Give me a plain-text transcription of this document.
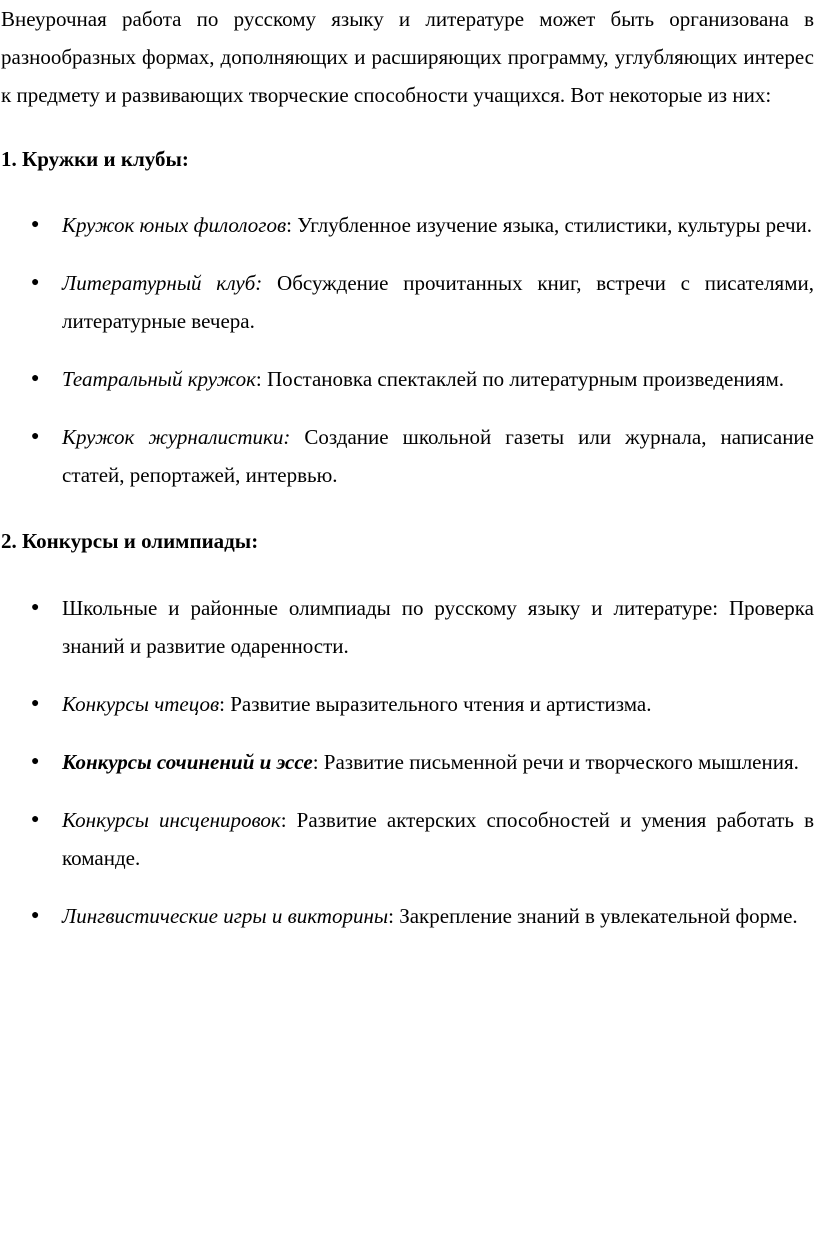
Внеурочная работа по русскому языку и литературе может быть организована в разнообразных формах, дополняющих и расширяющих программу, углубляющих интерес к предмету и развивающих творческие способности учащихся. Вот некоторые из них:

1. Кружки и клубы:
● Кружок юных филологов: Углубленное изучение языка, стилистики, культуры речи.
● Литературный клуб: Обсуждение прочитанных книг, встречи с писателями, литературные вечера.
● Театральный кружок: Постановка спектаклей по литературным произведениям.
● Кружок журналистики: Создание школьной газеты или журнала, написание статей, репортажей, интервью.
2. Конкурсы и олимпиады:
● Школьные и районные олимпиады по русскому языку и литературе: Проверка знаний и развитие одаренности.
● Конкурсы чтецов: Развитие выразительного чтения и артистизма.
● Конкурсы сочинений и эссе: Развитие письменной речи и творческого мышления.
● Конкурсы инсценировок: Развитие актерских способностей и умения работать в команде.
● Лингвистические игры и викторины: Закрепление знаний в увлекательной форме.
